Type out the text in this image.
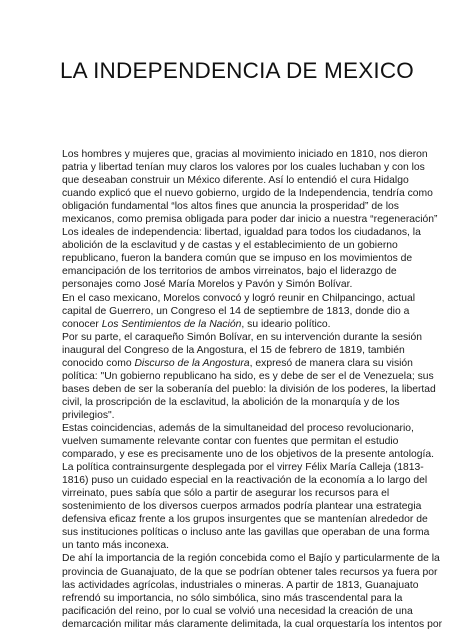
LA INDEPENDENCIA DE MEXICO
Los hombres y mujeres que, gracias al movimiento iniciado en 1810, nos dieron
patria y libertad tenían muy claros los valores por los cuales luchaban y con los
que deseaban construir un México diferente. Así lo entendió el cura Hidalgo
cuando explicó que el nuevo gobierno, urgido de la Independencia, tendría como
obligación fundamental “los altos fines que anuncia la prosperidad” de los
mexicanos, como premisa obligada para poder dar inicio a nuestra “regeneración”
Los ideales de independencia: libertad, igualdad para todos los ciudadanos, la
abolición de la esclavitud y de castas y el establecimiento de un gobierno
republicano, fueron la bandera común que se impuso en los movimientos de
emancipación de los territorios de ambos virreinatos, bajo el liderazgo de
personajes como José María Morelos y Pavón y Simón Bolívar.
En el caso mexicano, Morelos convocó y logró reunir en Chilpancingo, actual
capital de Guerrero, un Congreso el 14 de septiembre de 1813, donde dio a
conocer Los Sentimientos de la Nación, su ideario político.
Por su parte, el caraqueño Simón Bolívar, en su intervención durante la sesión
inaugural del Congreso de la Angostura, el 15 de febrero de 1819, también
conocido como Discurso de la Angostura, expresó de manera clara su visión
política: "Un gobierno republicano ha sido, es y debe de ser el de Venezuela; sus
bases deben de ser la soberanía del pueblo: la división de los poderes, la libertad
civil, la proscripción de la esclavitud, la abolición de la monarquía y de los
privilegios".
Estas coincidencias, además de la simultaneidad del proceso revolucionario,
vuelven sumamente relevante contar con fuentes que permitan el estudio
comparado, y ese es precisamente uno de los objetivos de la presente antología.
La política contrainsurgente desplegada por el virrey Félix María Calleja (1813-
1816) puso un cuidado especial en la reactivación de la economía a lo largo del
virreinato, pues sabía que sólo a partir de asegurar los recursos para el
sostenimiento de los diversos cuerpos armados podría plantear una estrategia
defensiva eficaz frente a los grupos insurgentes que se mantenían alrededor de
sus instituciones políticas o incluso ante las gavillas que operaban de una forma
un tanto más inconexa.
De ahí la importancia de la región concebida como el Bajío y particularmente de la
provincia de Guanajuato, de la que se podrían obtener tales recursos ya fuera por
las actividades agrícolas, industriales o mineras. A partir de 1813, Guanajuato
refrendó su importancia, no sólo simbólica, sino más trascendental para la
pacificación del reino, por lo cual se volvió una necesidad la creación de una
demarcación militar más claramente delimitada, la cual orquestaría los intentos por
